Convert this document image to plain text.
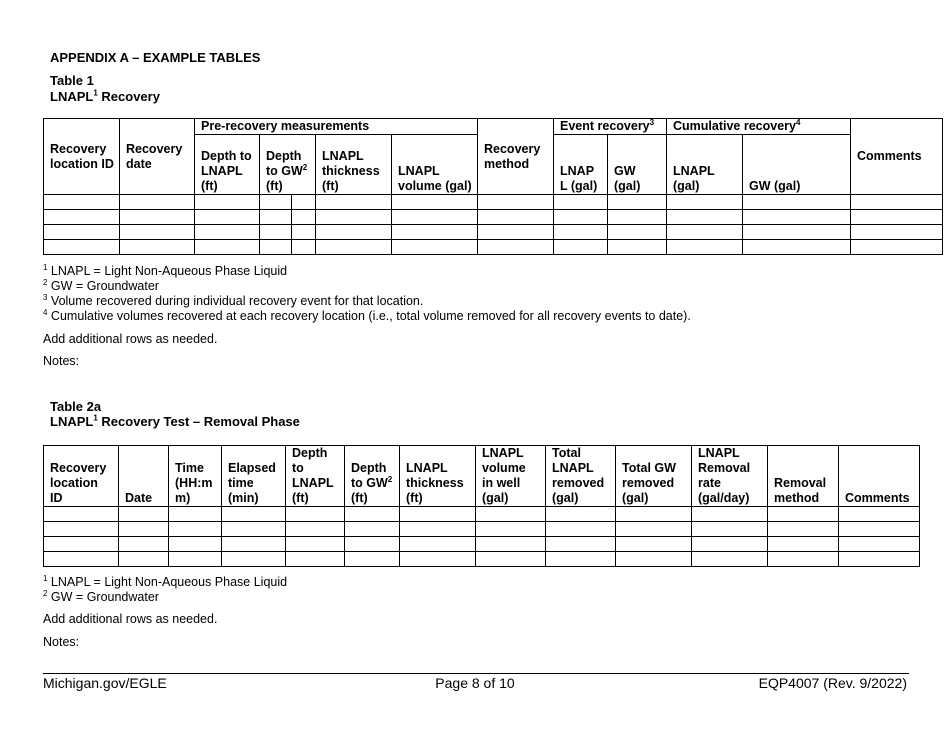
APPENDIX A – EXAMPLE TABLES
Table 1
LNAPL$^1$ Recovery
Recovery location ID	Recovery date	Pre-recovery measurements					Recovery method	Event recovery$^3$		Cumulative recovery$^4$		Comments
		Depth to LNAPL (ft)	Depth to $GW^2$ (ft)		LNAPL thickness (ft)	LNAPL volume (gal)		LNAP L (gal)	GW (gal)	LNAPL (gal)	GW (gal)	

$^1$ LNAPL = Light Non-Aqueous Phase Liquid
$^2$ GW = Groundwater
$^3$ Volume recovered during individual recovery event for that location.
$^4$ Cumulative volumes recovered at each recovery location (i.e., total volume removed for all recovery events to date).
Add additional rows as needed.
Notes:
Table 2a
LNAPL$^1$ Recovery Test – Removal Phase
Recovery location ID	Date	Time (HH:m m)	Elapsed time (min)	Depth to LNAPL (ft)	Depth to $GW^2$ (ft)	LNAPL thickness (ft)	LNAPL volume in well (gal)	Total LNAPL removed (gal)	Total GW removed (gal)	LNAPL Removal rate (gal/day)	Removal method	Comments

$^1$ LNAPL = Light Non-Aqueous Phase Liquid
$^2$ GW = Groundwater
Add additional rows as needed.
Notes:
Michigan.gov/EGLE	Page 8 of 10	EQP4007 (Rev. 9/2022)
